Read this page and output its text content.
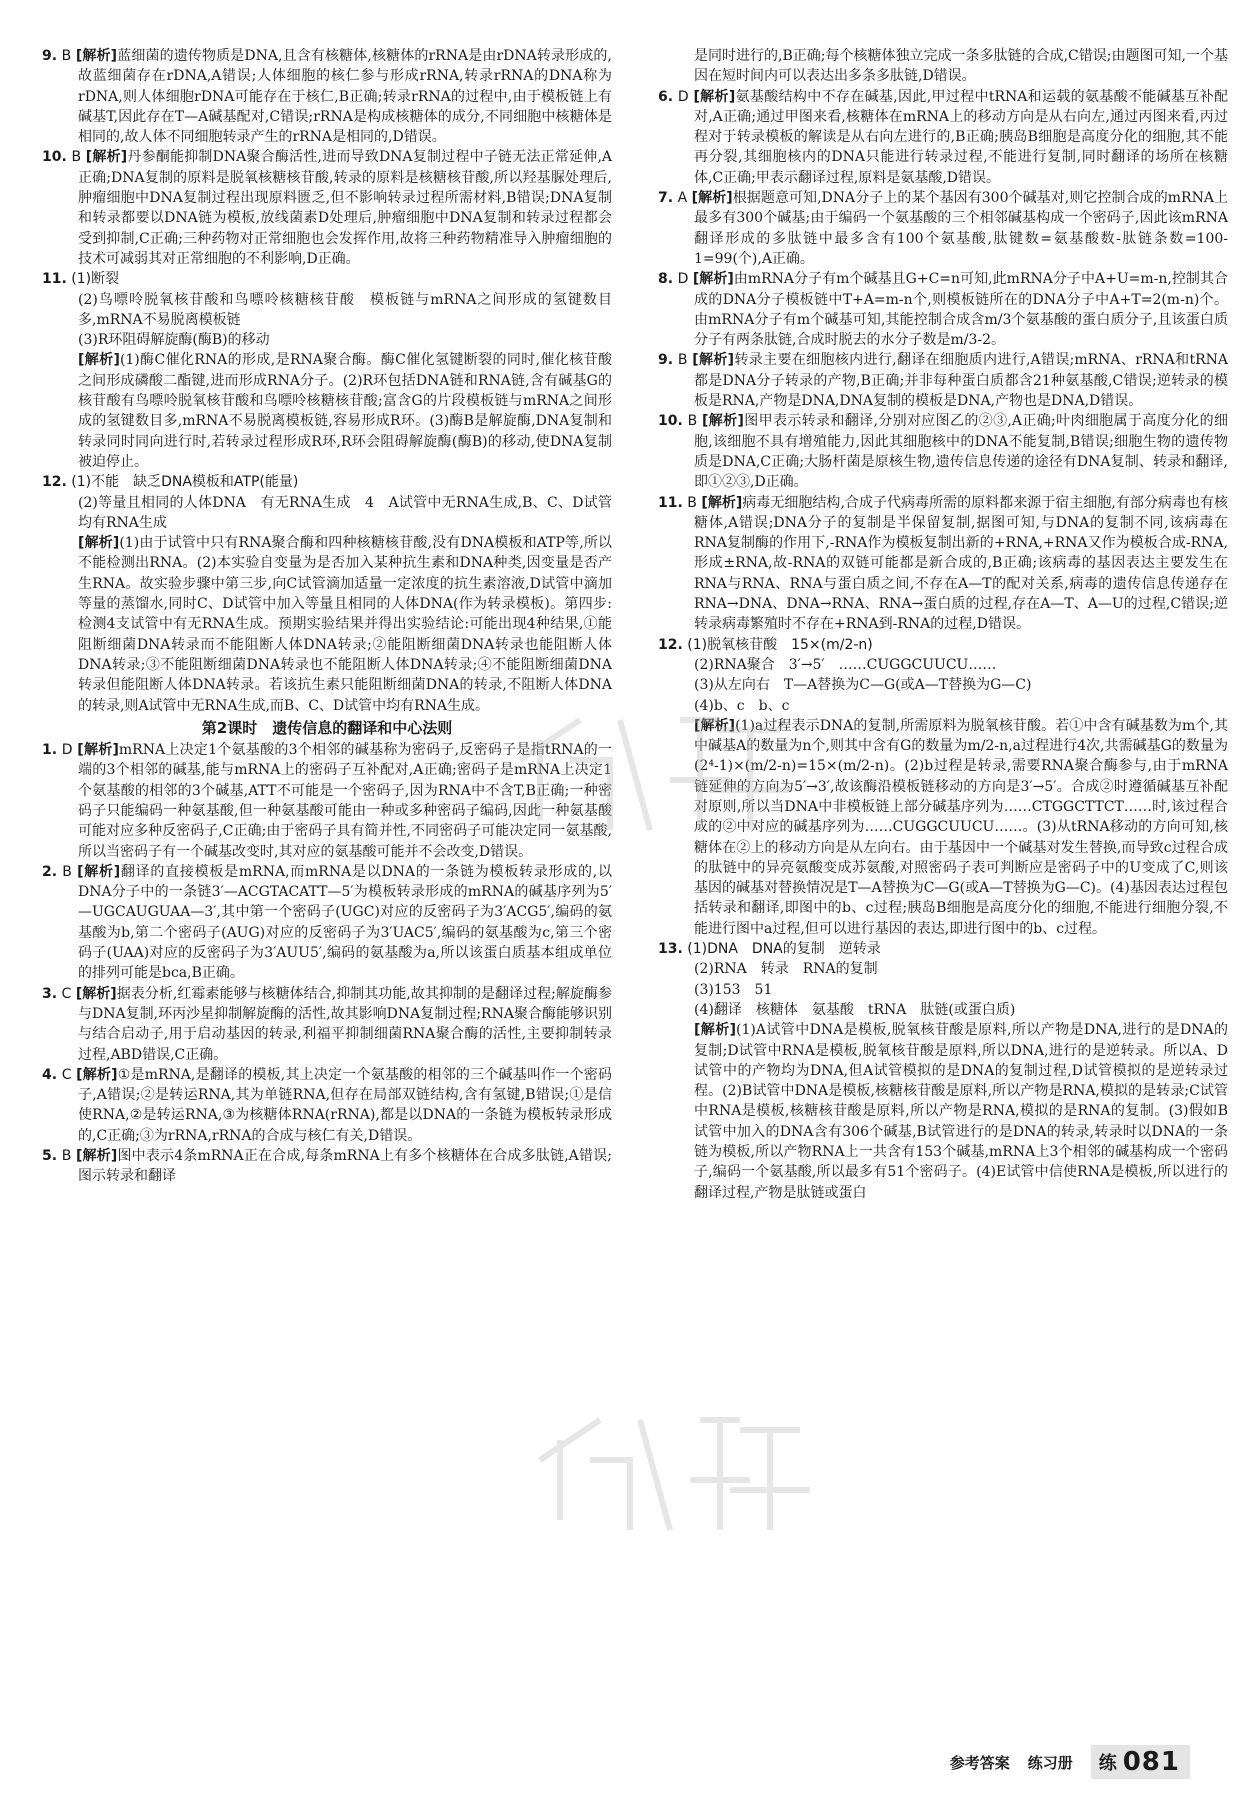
9. B [解析]蓝细菌的遗传物质是DNA,且含有核糖体,核糖体的rRNA是由rDNA转录形成的,故蓝细菌存在rDNA,A错误;人体细胞的核仁参与形成rRNA,转录rRNA的DNA称为rDNA,则人体细胞rDNA可能存在于核仁,B正确;转录rRNA的过程中,由于模板链上有碱基T,因此存在T—A碱基配对,C错误;rRNA是构成核糖体的成分,不同细胞中核糖体是相同的,故人体不同细胞转录产生的rRNA是相同的,D错误。
10. B [解析]丹参酮能抑制DNA聚合酶活性,进而导致DNA复制过程中子链无法正常延伸,A正确;DNA复制的原料是脱氧核糖核苷酸,转录的原料是核糖核苷酸,所以羟基脲处理后,肿瘤细胞中DNA复制过程出现原料匮乏,但不影响转录过程所需材料,B错误;DNA复制和转录都要以DNA链为模板,放线菌素D处理后,肿瘤细胞中DNA复制和转录过程都会受到抑制,C正确;三种药物对正常细胞也会发挥作用,故将三种药物精准导入肿瘤细胞的技术可减弱其对正常细胞的不利影响,D正确。
11. (1)断裂
(2)鸟嘌呤脱氧核苷酸和鸟嘌呤核糖核苷酸　模板链与mRNA之间形成的氢键数目多,mRNA不易脱离模板链
(3)R环阻碍解旋酶(酶B)的移动
[解析](1)酶C催化RNA的形成,是RNA聚合酶。酶C催化氢键断裂的同时,催化核苷酸之间形成磷酸二酯键,进而形成RNA分子。(2)R环包括DNA链和RNA链,含有碱基G的核苷酸有鸟嘌呤脱氧核苷酸和鸟嘌呤核糖核苷酸;富含G的片段模板链与mRNA之间形成的氢键数目多,mRNA不易脱离模板链,容易形成R环。(3)酶B是解旋酶,DNA复制和转录同时同向进行时,若转录过程形成R环,R环会阻碍解旋酶(酶B)的移动,使DNA复制被迫停止。
12. (1)不能　缺乏DNA模板和ATP(能量)
(2)等量且相同的人体DNA　有无RNA生成　4　A试管中无RNA生成,B、C、D试管均有RNA生成
[解析](1)由于试管中只有RNA聚合酶和四种核糖核苷酸,没有DNA模板和ATP等,所以不能检测出RNA。(2)本实验自变量为是否加入某种抗生素和DNA种类,因变量是否产生RNA。故实验步骤中第三步,向C试管滴加适量一定浓度的抗生素溶液,D试管中滴加等量的蒸馏水,同时C、D试管中加入等量且相同的人体DNA(作为转录模板)。第四步:检测4支试管中有无RNA生成。预期实验结果并得出实验结论:可能出现4种结果,①能阻断细菌DNA转录而不能阻断人体DNA转录;②能阻断细菌DNA转录也能阻断人体DNA转录;③不能阻断细菌DNA转录也不能阻断人体DNA转录;④不能阻断细菌DNA转录但能阻断人体DNA转录。若该抗生素只能阻断细菌DNA的转录,不阻断人体DNA的转录,则A试管中无RNA生成,而B、C、D试管中均有RNA生成。
第2课时　遗传信息的翻译和中心法则
1. D [解析]mRNA上决定1个氨基酸的3个相邻的碱基称为密码子,反密码子是指tRNA的一端的3个相邻的碱基,能与mRNA上的密码子互补配对,A正确;密码子是mRNA上决定1个氨基酸的相邻的3个碱基,ATT不可能是一个密码子,因为RNA中不含T,B正确;一种密码子只能编码一种氨基酸,但一种氨基酸可能由一种或多种密码子编码,因此一种氨基酸可能对应多种反密码子,C正确;由于密码子具有简并性,不同密码子可能决定同一氨基酸,所以当密码子有一个碱基改变时,其对应的氨基酸可能并不会改变,D错误。
2. B [解析]翻译的直接模板是mRNA,而mRNA是以DNA的一条链为模板转录形成的,以DNA分子中的一条链3′—ACGTACATT—5′为模板转录形成的mRNA的碱基序列为5′—UGCAUGUAA—3′,其中第一个密码子(UGC)对应的反密码子为3′ACG5′,编码的氨基酸为b,第二个密码子(AUG)对应的反密码子为3′UAC5′,编码的氨基酸为c,第三个密码子(UAA)对应的反密码子为3′AUU5′,编码的氨基酸为a,所以该蛋白质基本组成单位的排列可能是bca,B正确。
3. C [解析]据表分析,红霉素能够与核糖体结合,抑制其功能,故其抑制的是翻译过程;解旋酶参与DNA复制,环丙沙星抑制解旋酶的活性,故其影响DNA复制过程;RNA聚合酶能够识别与结合启动子,用于启动基因的转录,利福平抑制细菌RNA聚合酶的活性,主要抑制转录过程,ABD错误,C正确。
4. C [解析]①是mRNA,是翻译的模板,其上决定一个氨基酸的相邻的三个碱基叫作一个密码子,A错误;②是转运RNA,其为单链RNA,但存在局部双链结构,含有氢键,B错误;①是信使RNA,②是转运RNA,③为核糖体RNA(rRNA),都是以DNA的一条链为模板转录形成的,C正确;③为rRNA,rRNA的合成与核仁有关,D错误。
5. B [解析]图中表示4条mRNA正在合成,每条mRNA上有多个核糖体在合成多肽链,A错误;图示转录和翻译
是同时进行的,B正确;每个核糖体独立完成一条多肽链的合成,C错误;由题图可知,一个基因在短时间内可以表达出多条多肽链,D错误。
6. D [解析]氨基酸结构中不存在碱基,因此,甲过程中tRNA和运载的氨基酸不能碱基互补配对,A正确;通过甲图来看,核糖体在mRNA上的移动方向是从右向左,通过丙图来看,丙过程对于转录模板的解读是从右向左进行的,B正确;胰岛B细胞是高度分化的细胞,其不能再分裂,其细胞核内的DNA只能进行转录过程,不能进行复制,同时翻译的场所在核糖体,C正确;甲表示翻译过程,原料是氨基酸,D错误。
7. A [解析]根据题意可知,DNA分子上的某个基因有300个碱基对,则它控制合成的mRNA上最多有300个碱基;由于编码一个氨基酸的三个相邻碱基构成一个密码子,因此该mRNA翻译形成的多肽链中最多含有100个氨基酸,肽键数=氨基酸数-肽链条数=100-1=99(个),A正确。
8. D [解析]由mRNA分子有m个碱基且G+C=n可知,此mRNA分子中A+U=m-n,控制其合成的DNA分子模板链中T+A=m-n个,则模板链所在的DNA分子中A+T=2(m-n)个。由mRNA分子有m个碱基可知,其能控制合成含m/3个氨基酸的蛋白质分子,且该蛋白质分子有两条肽链,合成时脱去的水分子数是m/3-2。
9. B [解析]转录主要在细胞核内进行,翻译在细胞质内进行,A错误;mRNA、rRNA和tRNA都是DNA分子转录的产物,B正确;并非每种蛋白质都含21种氨基酸,C错误;逆转录的模板是RNA,产物是DNA,DNA复制的模板是DNA,产物也是DNA,D错误。
10. B [解析]图甲表示转录和翻译,分别对应图乙的②③,A正确;叶肉细胞属于高度分化的细胞,该细胞不具有增殖能力,因此其细胞核中的DNA不能复制,B错误;细胞生物的遗传物质是DNA,C正确;大肠杆菌是原核生物,遗传信息传递的途径有DNA复制、转录和翻译,即①②③,D正确。
11. B [解析]病毒无细胞结构,合成子代病毒所需的原料都来源于宿主细胞,有部分病毒也有核糖体,A错误;DNA分子的复制是半保留复制,据图可知,与DNA的复制不同,该病毒在RNA复制酶的作用下,-RNA作为模板复制出新的+RNA,+RNA又作为模板合成-RNA,形成±RNA,故-RNA的双链可能都是新合成的,B正确;该病毒的基因表达主要发生在RNA与RNA、RNA与蛋白质之间,不存在A—T的配对关系,病毒的遗传信息传递存在RNA→DNA、DNA→RNA、RNA→蛋白质的过程,存在A—T、A—U的过程,C错误;逆转录病毒繁殖时不存在+RNA到-RNA的过程,D错误。
12. (1)脱氧核苷酸　15×(m/2-n)
(2)RNA聚合　3′→5′　……CUGGCUUCU……
(3)从左向右　T—A替换为C—G(或A—T替换为G—C)
(4)b、c　b、c
[解析](1)a过程表示DNA的复制,所需原料为脱氧核苷酸。若①中含有碱基数为m个,其中碱基A的数量为n个,则其中含有G的数量为m/2-n,a过程进行4次,共需碱基G的数量为(2⁴-1)×(m/2-n)=15×(m/2-n)。(2)b过程是转录,需要RNA聚合酶参与,由于mRNA链延伸的方向为5′→3′,故该酶沿模板链移动的方向是3′→5′。合成②时遵循碱基互补配对原则,所以当DNA中非模板链上部分碱基序列为……CTGGCTTCT……时,该过程合成的②中对应的碱基序列为……CUGGCUUCU……。(3)从tRNA移动的方向可知,核糖体在②上的移动方向是从左向右。由于基因中一个碱基对发生替换,而导致c过程合成的肽链中的异亮氨酸变成苏氨酸,对照密码子表可判断应是密码子中的U变成了C,则该基因的碱基对替换情况是T—A替换为C—G(或A—T替换为G—C)。(4)基因表达过程包括转录和翻译,即图中的b、c过程;胰岛B细胞是高度分化的细胞,不能进行细胞分裂,不能进行图中a过程,但可以进行基因的表达,即进行图中的b、c过程。
13. (1)DNA　DNA的复制　逆转录
(2)RNA　转录　RNA的复制
(3)153　51
(4)翻译　核糖体　氨基酸　tRNA　肽链(或蛋白质)
[解析](1)A试管中DNA是模板,脱氧核苷酸是原料,所以产物是DNA,进行的是DNA的复制;D试管中RNA是模板,脱氧核苷酸是原料,所以DNA,进行的是逆转录。所以A、D试管中的产物均为DNA,但A试管模拟的是DNA的复制过程,D试管模拟的是逆转录过程。(2)B试管中DNA是模板,核糖核苷酸是原料,所以产物是RNA,模拟的是转录;C试管中RNA是模板,核糖核苷酸是原料,所以产物是RNA,模拟的是RNA的复制。(3)假如B试管中加入的DNA含有306个碱基,B试管进行的是DNA的转录,转录时以DNA的一条链为模板,所以产物RNA上一共含有153个碱基,mRNA上3个相邻的碱基构成一个密码子,编码一个氨基酸,所以最多有51个密码子。(4)E试管中信使RNA是模板,所以进行的翻译过程,产物是肽链或蛋白
参考答案 练习册 练 081
